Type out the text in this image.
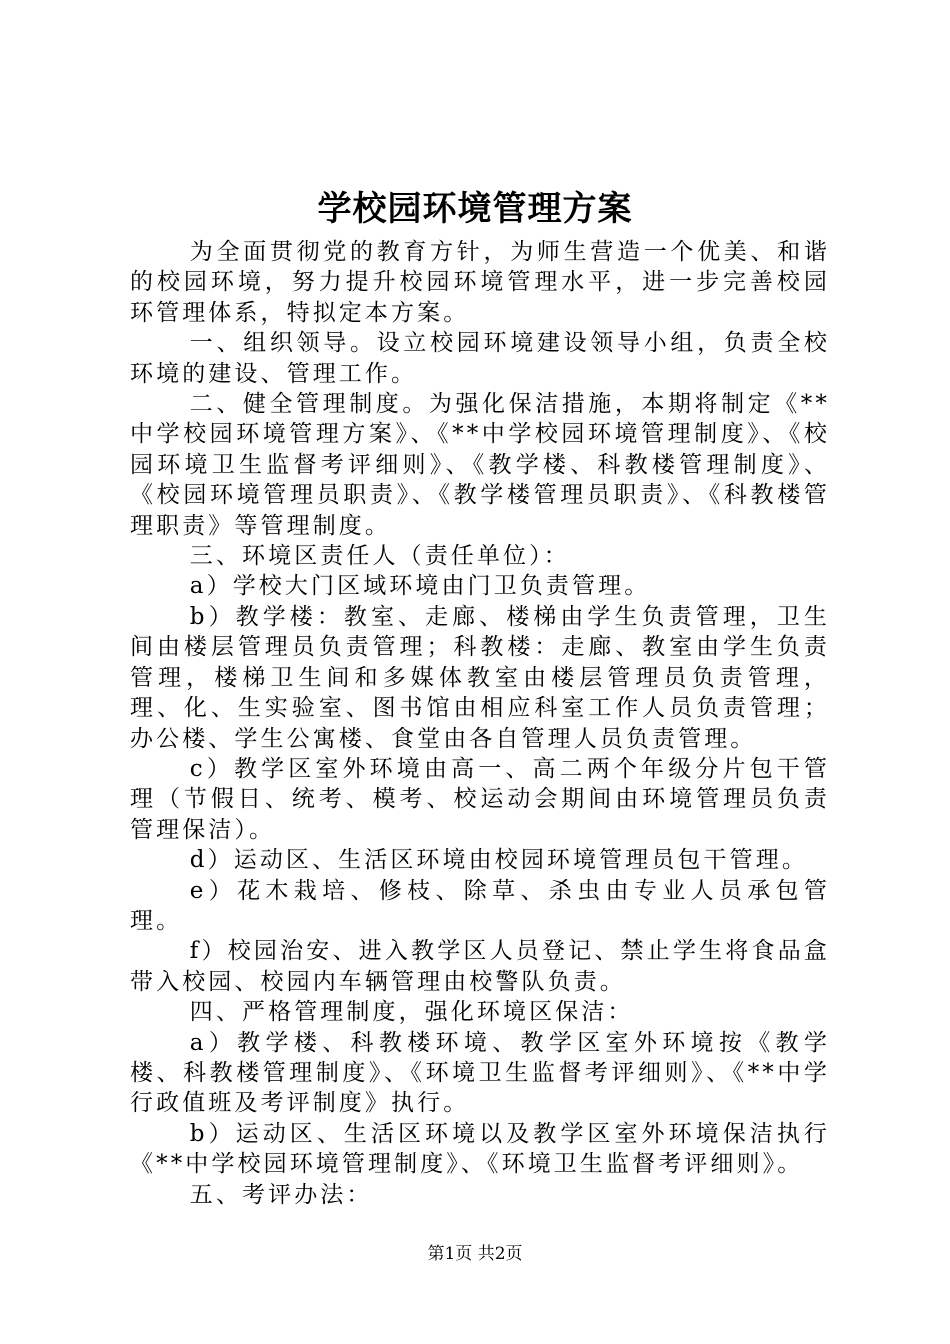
学校园环境管理方案

为全面贯彻党的教育方针，为师生营造一个优美、和谐的校园环境，努力提升校园环境管理水平，进一步完善校园环管理体系，特拟定本方案。

一、组织领导。设立校园环境建设领导小组，负责全校环境的建设、管理工作。

二、健全管理制度。为强化保洁措施，本期将制定《**中学校园环境管理方案》、《**中学校园环境管理制度》、《校园环境卫生监督考评细则》、《教学楼、科教楼管理制度》、《校园环境管理员职责》、《教学楼管理员职责》、《科教楼管理职责》等管理制度。

三、环境区责任人（责任单位）：

a）学校大门区域环境由门卫负责管理。

b）教学楼：教室、走廊、楼梯由学生负责管理，卫生间由楼层管理员负责管理；科教楼：走廊、教室由学生负责管理，楼梯卫生间和多媒体教室由楼层管理员负责管理，理、化、生实验室、图书馆由相应科室工作人员负责管理；办公楼、学生公寓楼、食堂由各自管理人员负责管理。

c）教学区室外环境由高一、高二两个年级分片包干管理（节假日、统考、模考、校运动会期间由环境管理员负责管理保洁）。

d）运动区、生活区环境由校园环境管理员包干管理。

e）花木栽培、修枝、除草、杀虫由专业人员承包管理。

f）校园治安、进入教学区人员登记、禁止学生将食品盒带入校园、校园内车辆管理由校警队负责。

四、严格管理制度，强化环境区保洁：

a）教学楼、科教楼环境、教学区室外环境按《教学楼、科教楼管理制度》、《环境卫生监督考评细则》、《**中学行政值班及考评制度》执行。

b）运动区、生活区环境以及教学区室外环境保洁执行《**中学校园环境管理制度》、《环境卫生监督考评细则》。

五、考评办法：

第1页 共2页
